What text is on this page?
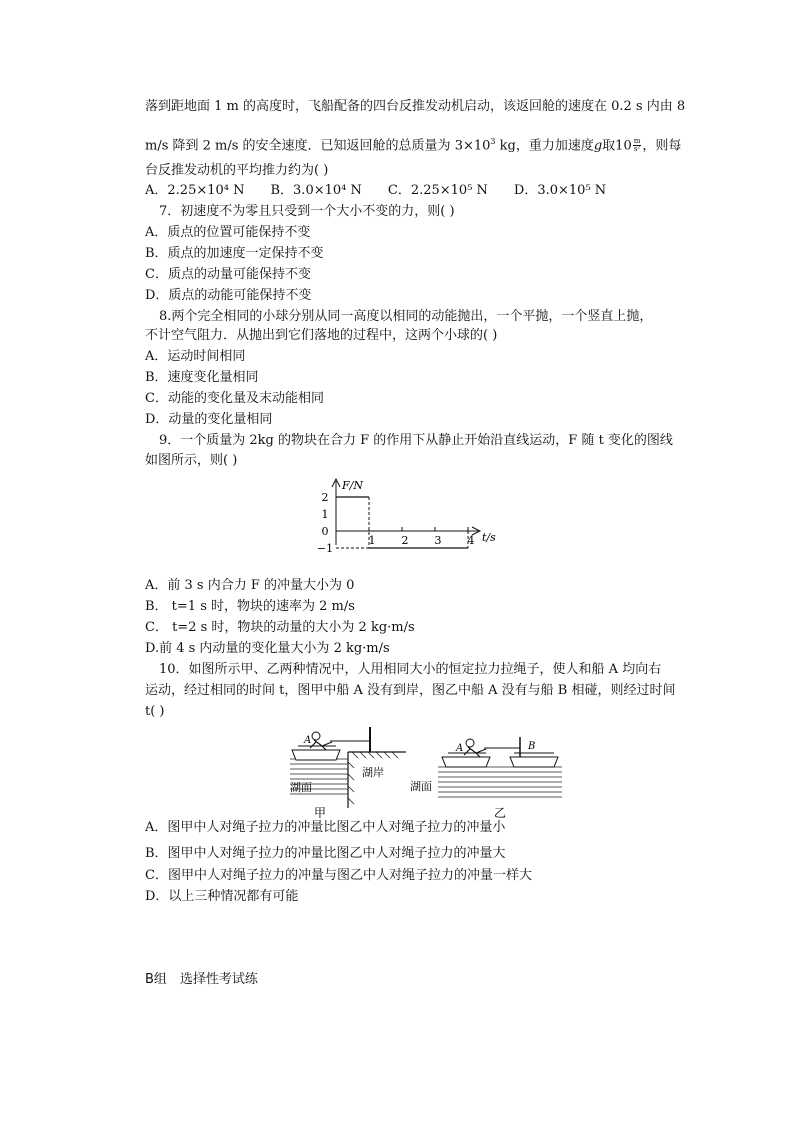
落到距地面 1 m 的高度时，飞船配备的四台反推发动机启动，该返回舱的速度在 0.2 s 内由 8
m/s 降到 2 m/s 的安全速度．已知返回舱的总质量为 $3\times 10^3$ kg，重力加速度g取$10 \frac{m}{\text{s²}}$ ，则每
台反推发动机的平均推力约为( )
A．2.25×10⁴ N　　B．3.0×10⁴ N　　C．2.25×10⁵ N　　D．3.0×10⁵ N
7．初速度不为零且只受到一个大小不变的力，则( )
A．质点的位置可能保持不变
B．质点的加速度一定保持不变
C．质点的动量可能保持不变
D．质点的动能可能保持不变
8.两个完全相同的小球分别从同一高度以相同的动能抛出，一个平抛，一个竖直上抛，
不计空气阻力．从抛出到它们落地的过程中，这两个小球的( )
A．运动时间相同
B．速度变化量相同
C．动能的变化量及末动能相同
D．动量的变化量相同
9．一个质量为 2kg 的物块在合力 F 的作用下从静止开始沿直线运动，F 随 t 变化的图线
如图所示，则( )
F/N
t/s
2
1
0
−1
1 2 3 4
A．前 3 s 内合力 F 的冲量大小为 0
B． t=1 s 时，物块的速率为 2 m/s
C． t=2 s 时，物块的动量的大小为 2 kg·m/s
D.前 4 s 内动量的变化量大小为 2 kg·m/s
10．如图所示甲、乙两种情况中，人用相同大小的恒定拉力拉绳子，使人和船 A 均向右
运动，经过相同的时间 t，图甲中船 A 没有到岸，图乙中船 A 没有与船 B 相碰，则经过时间
t( )
A
湖面
湖岸
甲
A	B
湖面
乙
A．图甲中人对绳子拉力的冲量比图乙中人对绳子拉力的冲量小
B．图甲中人对绳子拉力的冲量比图乙中人对绳子拉力的冲量大
C．图甲中人对绳子拉力的冲量与图乙中人对绳子拉力的冲量一样大
D．以上三种情况都有可能
B组　选择性考试练
